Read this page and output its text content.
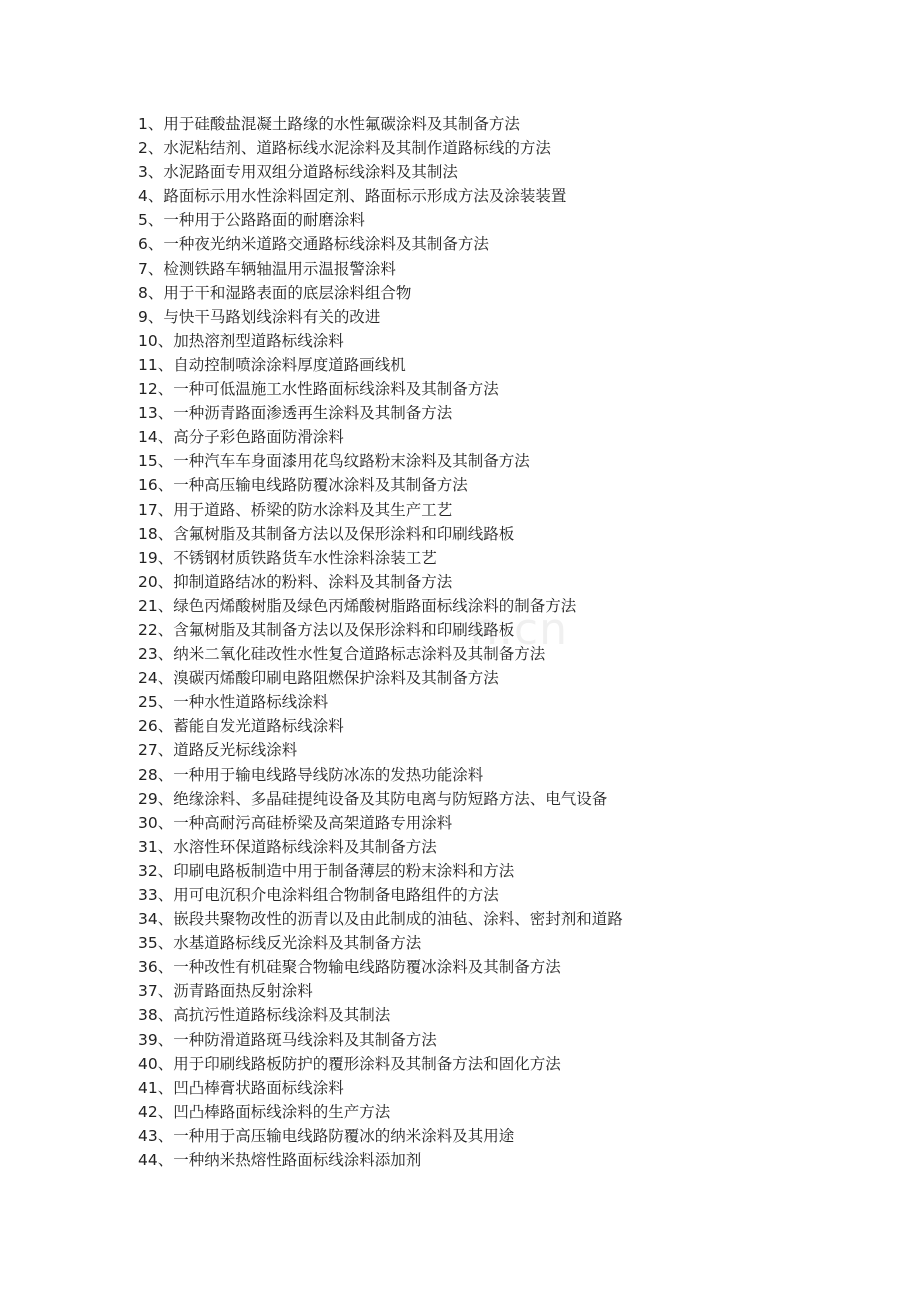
n.cn
1、用于硅酸盐混凝土路缘的水性氟碳涂料及其制备方法
2、水泥粘结剂、道路标线水泥涂料及其制作道路标线的方法
3、水泥路面专用双组分道路标线涂料及其制法
4、路面标示用水性涂料固定剂、路面标示形成方法及涂装装置
5、一种用于公路路面的耐磨涂料
6、一种夜光纳米道路交通路标线涂料及其制备方法
7、检测铁路车辆轴温用示温报警涂料
8、用于干和湿路表面的底层涂料组合物
9、与快干马路划线涂料有关的改进
10、加热溶剂型道路标线涂料
11、自动控制喷涂涂料厚度道路画线机
12、一种可低温施工水性路面标线涂料及其制备方法
13、一种沥青路面渗透再生涂料及其制备方法
14、高分子彩色路面防滑涂料
15、一种汽车车身面漆用花鸟纹路粉末涂料及其制备方法
16、一种高压输电线路防覆冰涂料及其制备方法
17、用于道路、桥梁的防水涂料及其生产工艺
18、含氟树脂及其制备方法以及保形涂料和印刷线路板
19、不锈钢材质铁路货车水性涂料涂装工艺
20、抑制道路结冰的粉料、涂料及其制备方法
21、绿色丙烯酸树脂及绿色丙烯酸树脂路面标线涂料的制备方法
22、含氟树脂及其制备方法以及保形涂料和印刷线路板
23、纳米二氧化硅改性水性复合道路标志涂料及其制备方法
24、溴碳丙烯酸印刷电路阻燃保护涂料及其制备方法
25、一种水性道路标线涂料
26、蓄能自发光道路标线涂料
27、道路反光标线涂料
28、一种用于输电线路导线防冰冻的发热功能涂料
29、绝缘涂料、多晶硅提纯设备及其防电离与防短路方法、电气设备
30、一种高耐污高硅桥梁及高架道路专用涂料
31、水溶性环保道路标线涂料及其制备方法
32、印刷电路板制造中用于制备薄层的粉末涂料和方法
33、用可电沉积介电涂料组合物制备电路组件的方法
34、嵌段共聚物改性的沥青以及由此制成的油毡、涂料、密封剂和道路
35、水基道路标线反光涂料及其制备方法
36、一种改性有机硅聚合物输电线路防覆冰涂料及其制备方法
37、沥青路面热反射涂料
38、高抗污性道路标线涂料及其制法
39、一种防滑道路斑马线涂料及其制备方法
40、用于印刷线路板防护的覆形涂料及其制备方法和固化方法
41、凹凸棒膏状路面标线涂料
42、凹凸棒路面标线涂料的生产方法
43、一种用于高压输电线路防覆冰的纳米涂料及其用途
44、一种纳米热熔性路面标线涂料添加剂
